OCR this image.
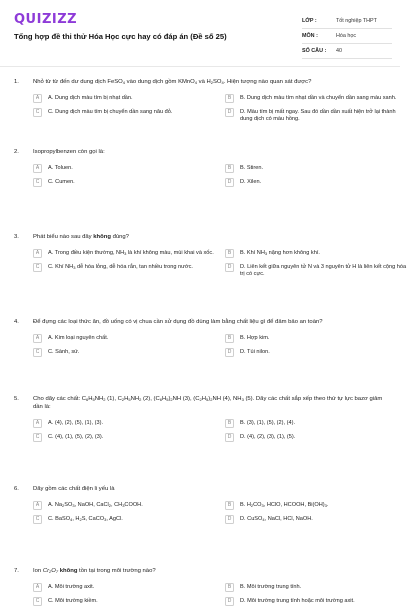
QUIZIZZ
Tổng hợp đề thi thử Hóa Học cực hay có đáp án (Đề số 25)
LỚP :	Tốt nghiệp THPT
MÔN :	Hóa học
SỐ CÂU :	40
1.	Nhỏ từ từ đến dư dung dịch FeSO$_4$ vào dung dịch gồm KMnO$_4$ và $H_2SO_4$. Hiện tượng nào quan sát được?
A	A. Dung dịch màu tím bị nhạt dần.	B	B. Dung dịch màu tím nhạt dần và chuyển dần sang màu xanh.
C	C. Dung dịch màu tím bị chuyển dần sang nâu đỏ.	D	D. Màu tím bị mất ngay. Sau đó dần dần xuất hiện trở lại thành dung dịch có màu hồng.
2.	Isopropylbenzen còn gọi là:
A	A. Toluen.	B	B. Stiren.
C	C. Cumen.	D	D. Xilen.
3.	Phát biểu nào sau đây không đúng?
A	A. Trong điều kiện thường, $NH_3$ là khí không màu, mùi khai và xốc.	B	B. Khí $NH_3$ nặng hơn không khí.
C	C. Khí $NH_3$ dễ hóa lỏng, dễ hóa rắn, tan nhiều trong nước.	D	D. Liên kết giữa nguyên tử N và 3 nguyên tử H là liên kết cộng hóa trị có cực.
4.	Để đựng các loại thức ăn, đồ uống có vị chua cần sử dụng đồ dùng làm bằng chất liệu gì để đảm bảo an toàn?
A	A. Kim loại nguyên chất.	B	B. Hợp kim.
C	C. Sành, sứ.	D	D. Túi nilon.
5.	Cho dãy các chất: $C_6H_5NH_2$ (1), $C_2H_5NH_2$ (2), $(C_6H_5)_2NH$ (3), $(C_2H_5)_2NH$ (4), $NH_3$ (5). Dãy các chất sắp xếp theo thứ tự lực bazơ giảm dần là:
A	A. (4), (2), (5), (1), (3).	B	B. (3), (1), (5), (2), (4).
C	C. (4), (1), (5), (2), (3).	D	D. (4), (2), (3), (1), (5).
6.	Dãy gồm các chất điện li yếu là
A	A. $Na_2SO_3$, NaOH, CaCl$_2$, $CH_3COOH$.	B	B. $H_2CO_3$, HClO, HCOOH, $Bi(OH)_3$.
C	C. BaSO$_4$, $H_2S$, CaCO$_3$, AgCl.	D	D. CuSO$_4$, NaCl, HCl, NaOH.
7.	Ion $Cr_2O_7$ không tồn tại trong môi trường nào?
A	A. Môi trường axit.	B	B. Môi trường trung tính.
C	C. Môi trường kiềm.	D	D. Môi trường trung tính hoặc môi trường axit.
